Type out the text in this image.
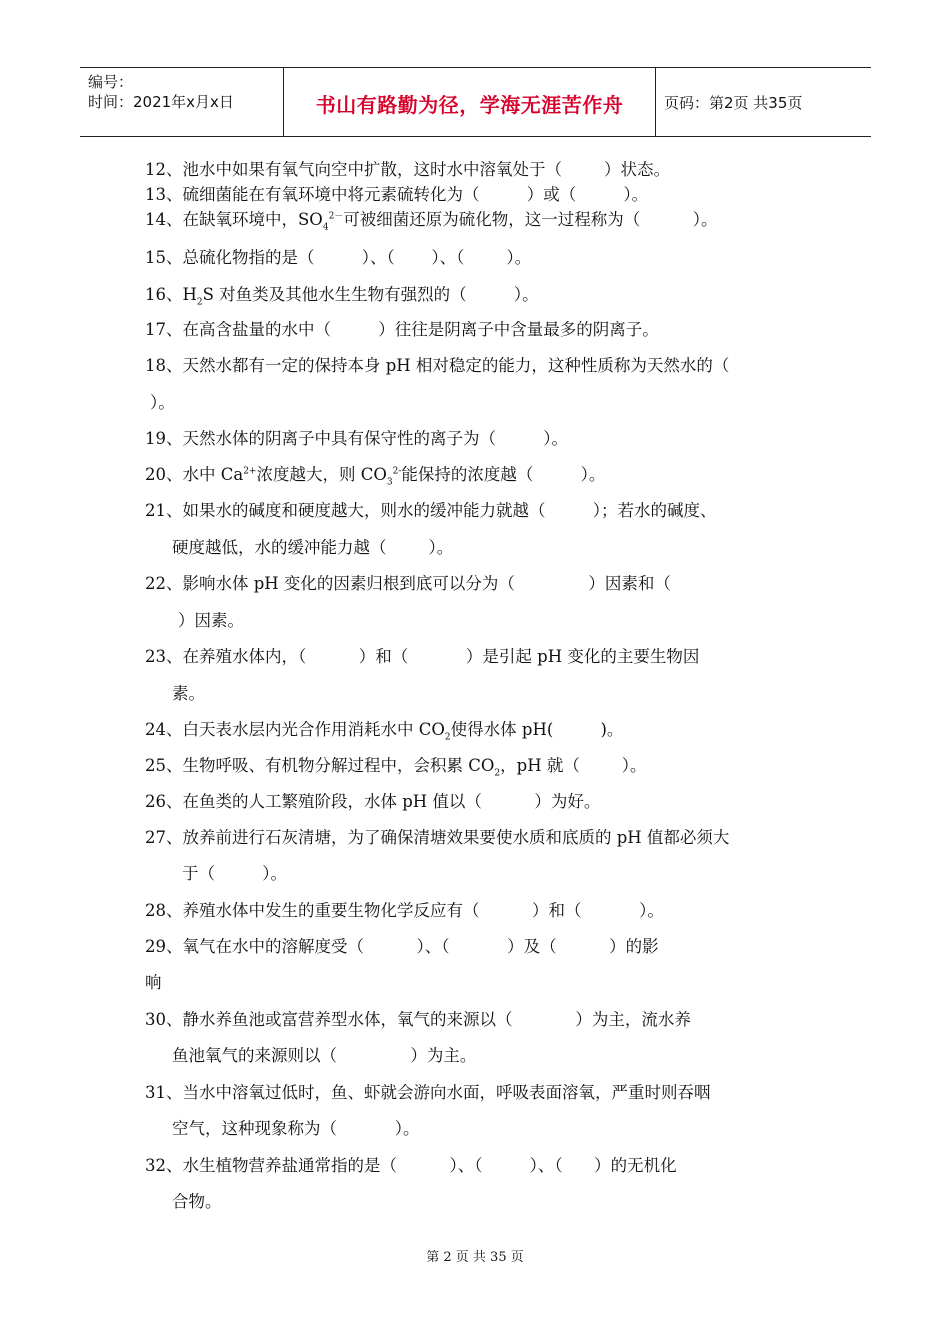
编号：
时间：2021年x月x日	书山有路勤为径，学海无涯苦作舟	页码：第2页 共35页
12、池水中如果有氧气向空中扩散，这时水中溶氧处于（        ）状态。
13、硫细菌能在有氧环境中将元素硫转化为（         ）或（         ）。
14、在缺氧环境中，$SO_4^{2-}$可被细菌还原为硫化物，这一过程称为（          ）。
15、总硫化物指的是（         ）、（       ）、（        ）。
16、$H_2S$ 对鱼类及其他水生生物有强烈的（         ）。
17、在高含盐量的水中（         ）往往是阴离子中含量最多的阴离子。
18、天然水都有一定的保持本身 pH 相对稳定的能力，这种性质称为天然水的（
）。
19、天然水体的阴离子中具有保守性的离子为（         ）。
20、水中 $Ca^{2+}$浓度越大，则 $CO_3^{2-}$能保持的浓度越（         ）。
21、如果水的碱度和硬度越大，则水的缓冲能力就越（         ）；若水的碱度、
硬度越低，水的缓冲能力越（        ）。
22、影响水体 pH 变化的因素归根到底可以分为（              ）因素和（
）因素。
23、在养殖水体内，（          ）和（           ）是引起 pH 变化的主要生物因
素。
24、白天表水层内光合作用消耗水中 $CO_2$使得水体 pH(         )。
25、生物呼吸、有机物分解过程中，会积累 $CO_2$，pH 就（        ）。
26、在鱼类的人工繁殖阶段，水体 pH 值以（          ）为好。
27、放养前进行石灰清塘，为了确保清塘效果要使水质和底质的 pH 值都必须大
于（         ）。
28、养殖水体中发生的重要生物化学反应有（          ）和（           ）。
29、氧气在水中的溶解度受（          ）、（           ）及（          ）的影
响
30、静水养鱼池或富营养型水体，氧气的来源以（            ）为主，流水养
鱼池氧气的来源则以（              ）为主。
31、当水中溶氧过低时，鱼、虾就会游向水面，呼吸表面溶氧，严重时则吞咽
空气，这种现象称为（           ）。
32、水生植物营养盐通常指的是（          ）、（         ）、（      ）的无机化
合物。
第 2 页 共 35 页
